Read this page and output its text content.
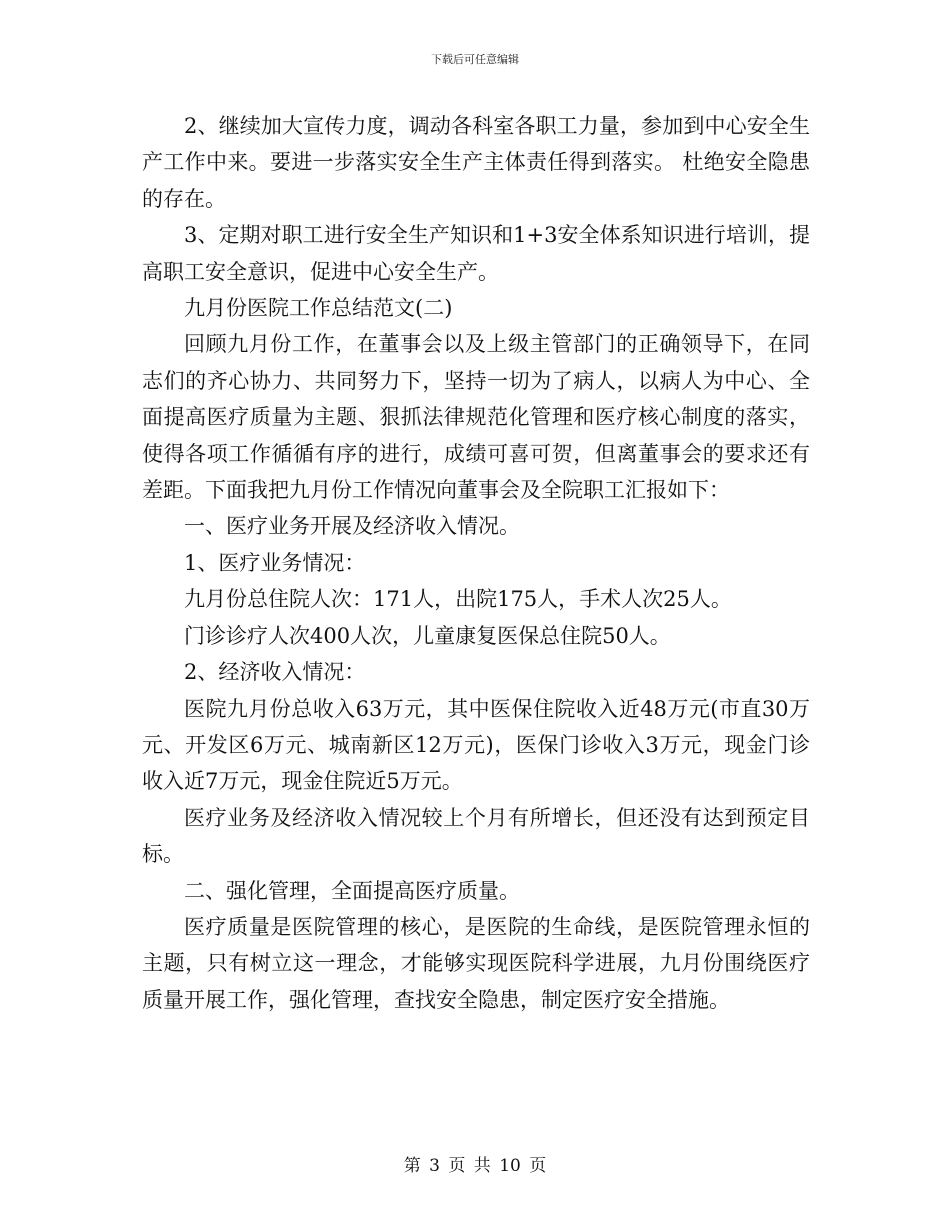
下载后可任意编辑

2、继续加大宣传力度，调动各科室各职工力量，参加到中心安全生产工作中来。要进一步落实安全生产主体责任得到落实。 杜绝安全隐患的存在。

3、定期对职工进行安全生产知识和1+3安全体系知识进行培训，提高职工安全意识，促进中心安全生产。

九月份医院工作总结范文(二)

回顾九月份工作，在董事会以及上级主管部门的正确领导下，在同志们的齐心协力、共同努力下，坚持一切为了病人，以病人为中心、全面提高医疗质量为主题、狠抓法律规范化管理和医疗核心制度的落实，使得各项工作循循有序的进行，成绩可喜可贺，但离董事会的要求还有差距。下面我把九月份工作情况向董事会及全院职工汇报如下：

一、医疗业务开展及经济收入情况。

1、医疗业务情况：

九月份总住院人次：171人，出院175人，手术人次25人。

门诊诊疗人次400人次，儿童康复医保总住院50人。

2、经济收入情况：

医院九月份总收入63万元，其中医保住院收入近48万元(市直30万元、开发区6万元、城南新区12万元)，医保门诊收入3万元，现金门诊收入近7万元，现金住院近5万元。

医疗业务及经济收入情况较上个月有所增长，但还没有达到预定目标。

二、强化管理，全面提高医疗质量。

医疗质量是医院管理的核心，是医院的生命线，是医院管理永恒的主题，只有树立这一理念，才能够实现医院科学进展，九月份围绕医疗质量开展工作，强化管理，查找安全隐患，制定医疗安全措施。

第 3 页 共 10 页
